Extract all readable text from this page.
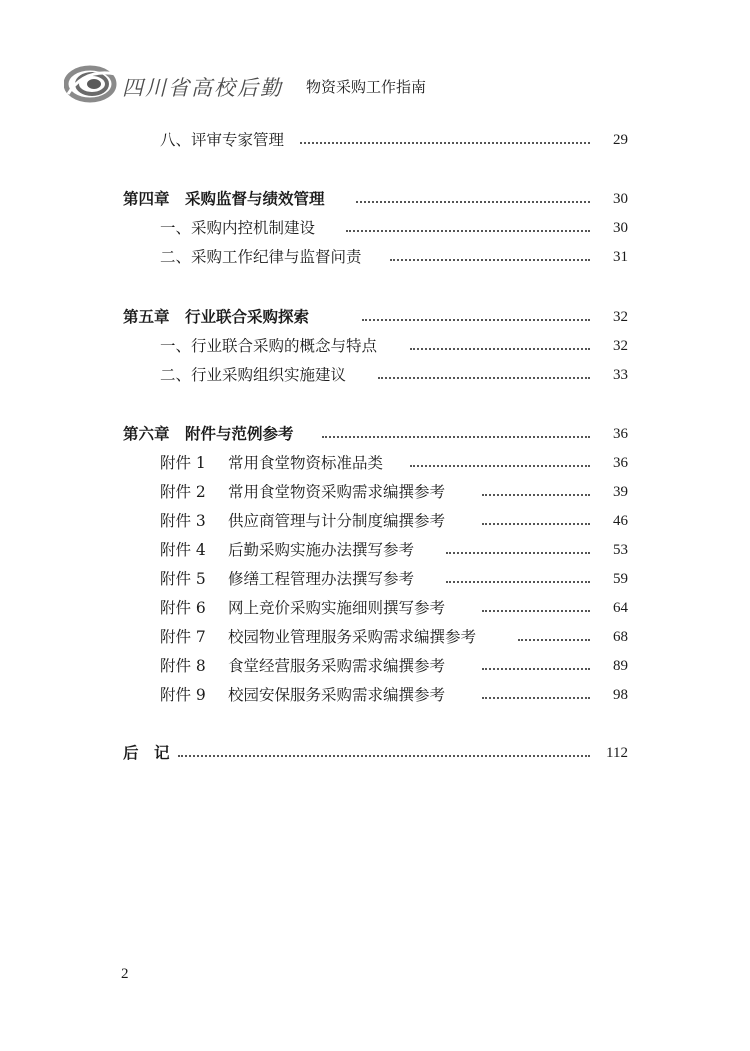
四川省高校后勤 物资采购工作指南
八、评审专家管理	29
第四章　采购监督与绩效管理	30
一、采购内控机制建设	30
二、采购工作纪律与监督问责	31
第五章　行业联合采购探索	32
一、行业联合采购的概念与特点	32
二、行业采购组织实施建议	33
第六章　附件与范例参考	36
附件 1 常用食堂物资标准品类	36
附件 2 常用食堂物资采购需求编撰参考	39
附件 3 供应商管理与计分制度编撰参考	46
附件 4 后勤采购实施办法撰写参考	53
附件 5 修缮工程管理办法撰写参考	59
附件 6 网上竞价采购实施细则撰写参考	64
附件 7 校园物业管理服务采购需求编撰参考	68
附件 8 食堂经营服务采购需求编撰参考	89
附件 9 校园安保服务采购需求编撰参考	98
后　记	112
2
